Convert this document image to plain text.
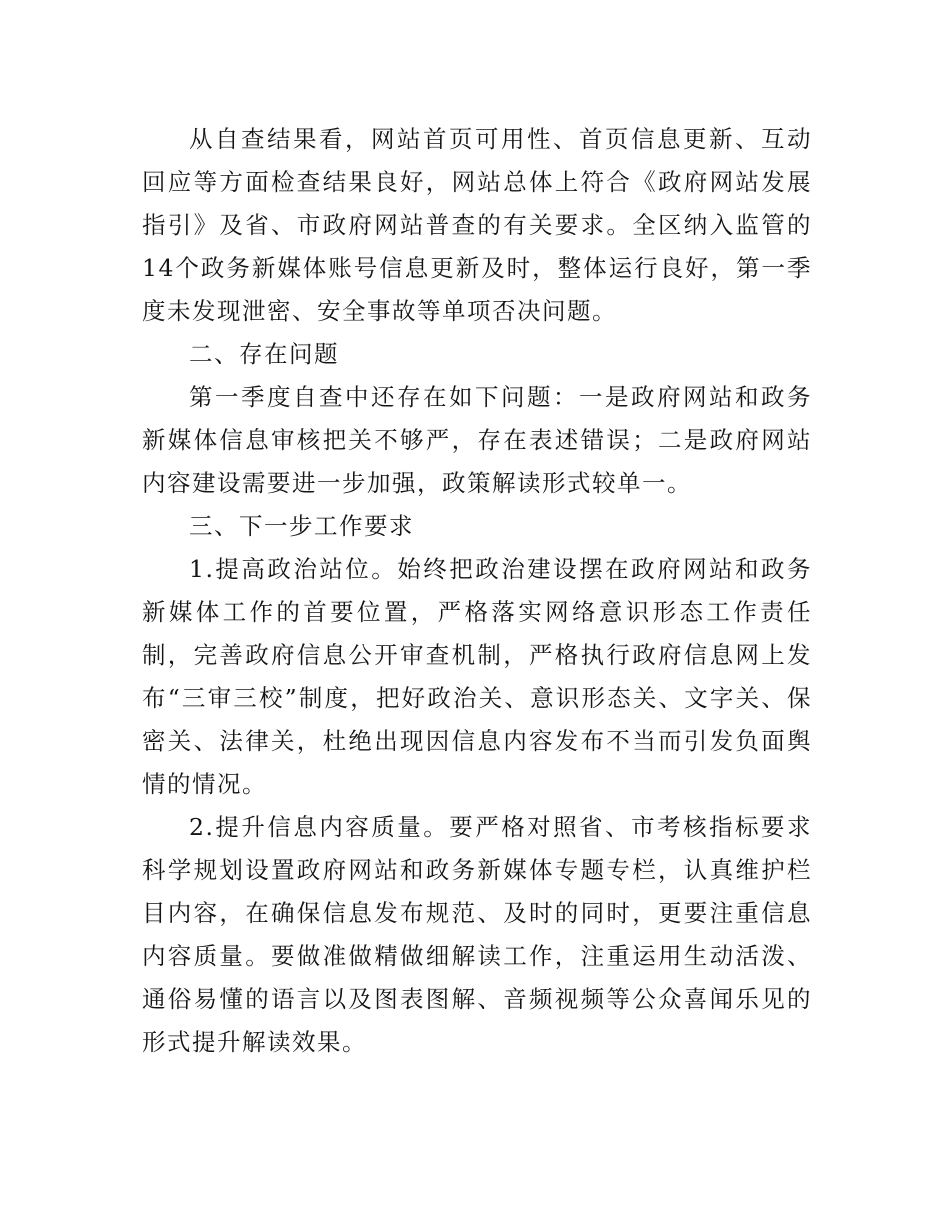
从自查结果看，网站首页可用性、首页信息更新、互动回应等方面检查结果良好，网站总体上符合《政府网站发展指引》及省、市政府网站普查的有关要求。全区纳入监管的14个政务新媒体账号信息更新及时，整体运行良好，第一季度未发现泄密、安全事故等单项否决问题。

二、存在问题

第一季度自查中还存在如下问题：一是政府网站和政务新媒体信息审核把关不够严，存在表述错误；二是政府网站内容建设需要进一步加强，政策解读形式较单一。

三、下一步工作要求

1.提高政治站位。始终把政治建设摆在政府网站和政务新媒体工作的首要位置，严格落实网络意识形态工作责任制，完善政府信息公开审查机制，严格执行政府信息网上发布“三审三校”制度，把好政治关、意识形态关、文字关、保密关、法律关，杜绝出现因信息内容发布不当而引发负面舆情的情况。

2.提升信息内容质量。要严格对照省、市考核指标要求科学规划设置政府网站和政务新媒体专题专栏，认真维护栏目内容，在确保信息发布规范、及时的同时，更要注重信息内容质量。要做准做精做细解读工作，注重运用生动活泼、通俗易懂的语言以及图表图解、音频视频等公众喜闻乐见的形式提升解读效果。
